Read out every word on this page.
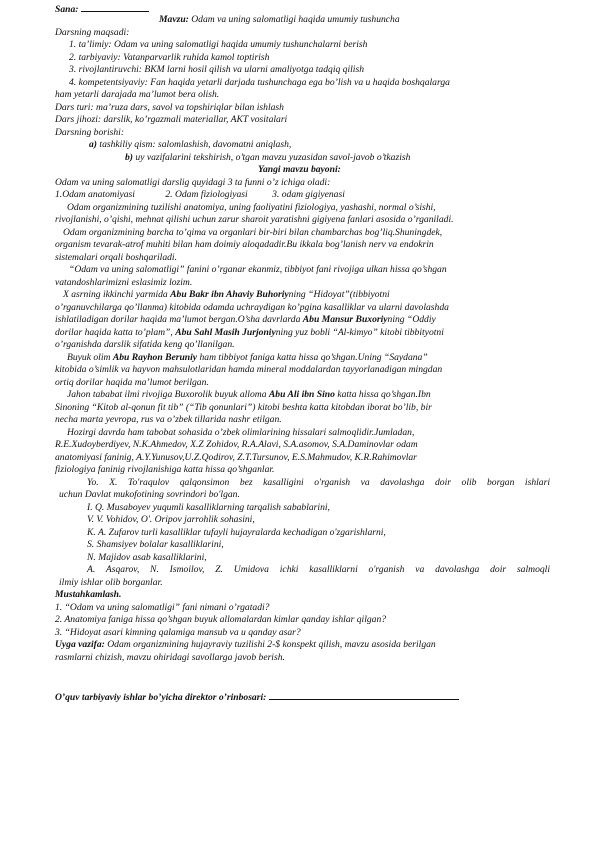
Sana:
Mavzu: Odam va uning salomatligi haqida umumiy tushuncha
Darsning maqsadi:
1. ta’limiy: Odam va uning salomatligi haqida umumiy tushunchalarni berish
2. tarbiyaviy: Vatanparvarlik ruhida kamol toptirish
3. rivojlantiruvchi: BKM larni hosil qilish va ularni amaliyotga tadqiq qilish
4. kompetentsiyaviy: Fan haqida yetarli darjada tushunchaga ega bo’lish va u haqida boshqalarga
ham yetarli darajada ma’lumot bera olish.
Dars turi: ma’ruza dars, savol va topshiriqlar bilan ishlash
Dars jihozi: darslik, ko’rgazmali materiallar, AKT vositalari
Darsning borishi:
a) tashkiliy qism: salomlashish, davomatni aniqlash,
b) uy vazifalarini tekshirish, o’tgan mavzu yuzasidan savol-javob o’tkazish
Yangi mavzu bayoni:
Odam va uning salomatligi darslig quyidagi 3 ta funni o’z ichiga oladi:
1.Odam anatomiyasi	2. Odam fiziologiyasi	3. odam gigiyenasi
Odam organizmining tuzilishi anatomiya, uning faoliyatini fiziologiya, yashashi, normal o’sishi,
rivojlanishi, o’qishi, mehnat qilishi uchun zarur sharoit yaratishni gigiyena fanlari asosida o’rganiladi.
Odam organizmining barcha to’qima va organlari bir-biri bilan chambarchas bog’liq.Shuningdek,
organism tevarak-atrof muhiti bilan ham doimiy aloqadadir.Bu ikkala bog’lanish nerv va endokrin
sistemalari orqali boshqariladi.
“Odam va uning salomatligi” fanini o’rganar ekanmiz, tibbiyot fani rivojiga ulkan hissa qo’shgan
vatandoshlarimizni eslasimiz lozim.
X asrning ikkinchi yarmida Abu Bakr ibn Ahaviy Buhoriyning “Hidoyat”(tibbiyotni
o’rganuvchilarga qo’llanma) kitobida odamda uchraydigan ko’pgina kasalliklar va ularni davolashda
ishlatiladigan dorilar haqida ma’lumot bergan.O’sha davrlarda Abu Mansur Buxoriyning “Oddiy
dorilar haqida katta to’plam”, Abu Sahl Masih Jurjoniyning yuz bobli “Al-kimyo” kitobi tibbityotni
o’rganishda darslik sifatida keng qo’llanilgan.
Buyuk olim Abu Rayhon Beruniy ham tibbiyot faniga katta hissa qo’shgan.Uning “Saydana”
kitobida o’simlik va hayvon mahsulotlaridan hamda mineral moddalardan tayyorlanadigan mingdan
ortiq dorilar haqida ma’lumot berilgan.
Jahon tababat ilmi rivojiga Buxorolik buyuk alloma Abu Ali ibn Sino katta hissa qo’shgan.Ibn
Sinoning “Kitob al-qonun fit tib” (“Tib qonunlari”) kitobi beshta katta kitobdan iborat bo’lib, bir
necha marta yevropa, rus va o’zbek tillarida nashr etilgan.
Hozirgi davrda ham tabobat sohasida o’zbek olimlarining hissalari salmoqlidir.Jumladan,
R.E.Xudoyberdiyev, N.K.Ahmedov, X.Z Zohidov, R.A.Alavi, S.A.asomov, S.A.Daminovlar odam
anatomiyasi faninig, A.Y.Yunusov,U.Z.Qodirov, Z.T.Tursunov, E.S.Mahmudov, K.R.Rahimovlar
fiziologiya faninig rivojlanishiga katta hissa qo’shganlar.
Yo. X. To'raqulov qalqonsimon bez kasalligini o'rganish va davolashga doir olib borgan ishlari
uchun Davlat mukofotining sovrindori bo'lgan.
I. Q. Musaboyev yuqumli kasalliklarning tarqalish sabablarini,
V. V. Vohidov, O'. Oripov jarrohlik sohasini,
K. A. Zufarov turli kasalliklar tufayli hujayralarda kechadigan o'zgarishlarni,
S. Shamsiyev bolalar kasalliklarini,
N. Majidov asab kasalliklarini,
A. Asqarov, N. Ismoilov, Z. Umidova ichki kasalliklarni o'rganish va davolashga doir salmoqli
ilmiy ishlar olib borganlar.
Mustahkamlash.
1. “Odam va uning salomatligi” fani nimani o’rgatadi?
2. Anatomiya faniga hissa qo’shgan buyuk allomalardan kimlar qanday ishlar qilgan?
3. “Hidoyat asari kimning qalamiga mansub va u qanday asar?
Uyga vazifa: Odam organizmining hujayraviy tuzilishi 2-$ konspekt qilish, mavzu asosida berilgan
rasmlarni chizish, mavzu ohiridagi savollarga javob berish.
O’quv tarbiyaviy ishlar bo’yicha direktor o’rinbosari:
